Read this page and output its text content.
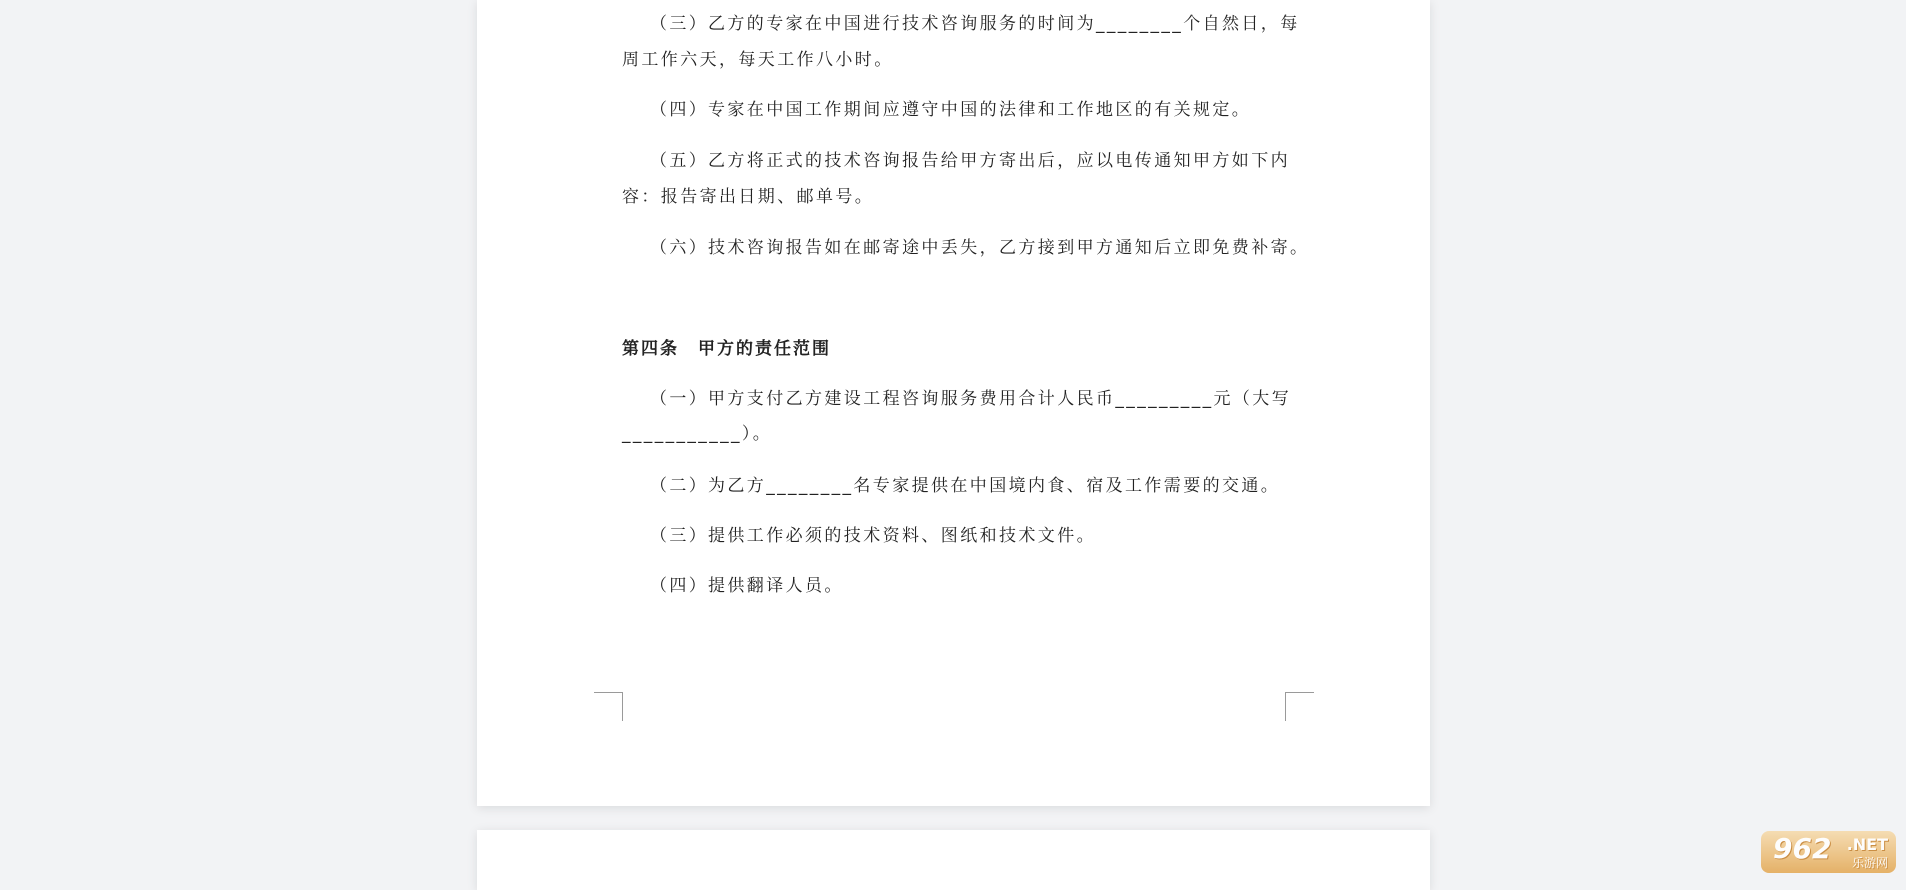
（三）乙方的专家在中国进行技术咨询服务的时间为________个自然日，每
周工作六天，每天工作八小时。
（四）专家在中国工作期间应遵守中国的法律和工作地区的有关规定。
（五）乙方将正式的技术咨询报告给甲方寄出后，应以电传通知甲方如下内
容：报告寄出日期、邮单号。
（六）技术咨询报告如在邮寄途中丢失，乙方接到甲方通知后立即免费补寄。
第四条　甲方的责任范围
（一）甲方支付乙方建设工程咨询服务费用合计人民币_________元（大写
___________）。
（二）为乙方________名专家提供在中国境内食、宿及工作需要的交通。
（三）提供工作必须的技术资料、图纸和技术文件。
（四）提供翻译人员。
962 .NET
乐游网
